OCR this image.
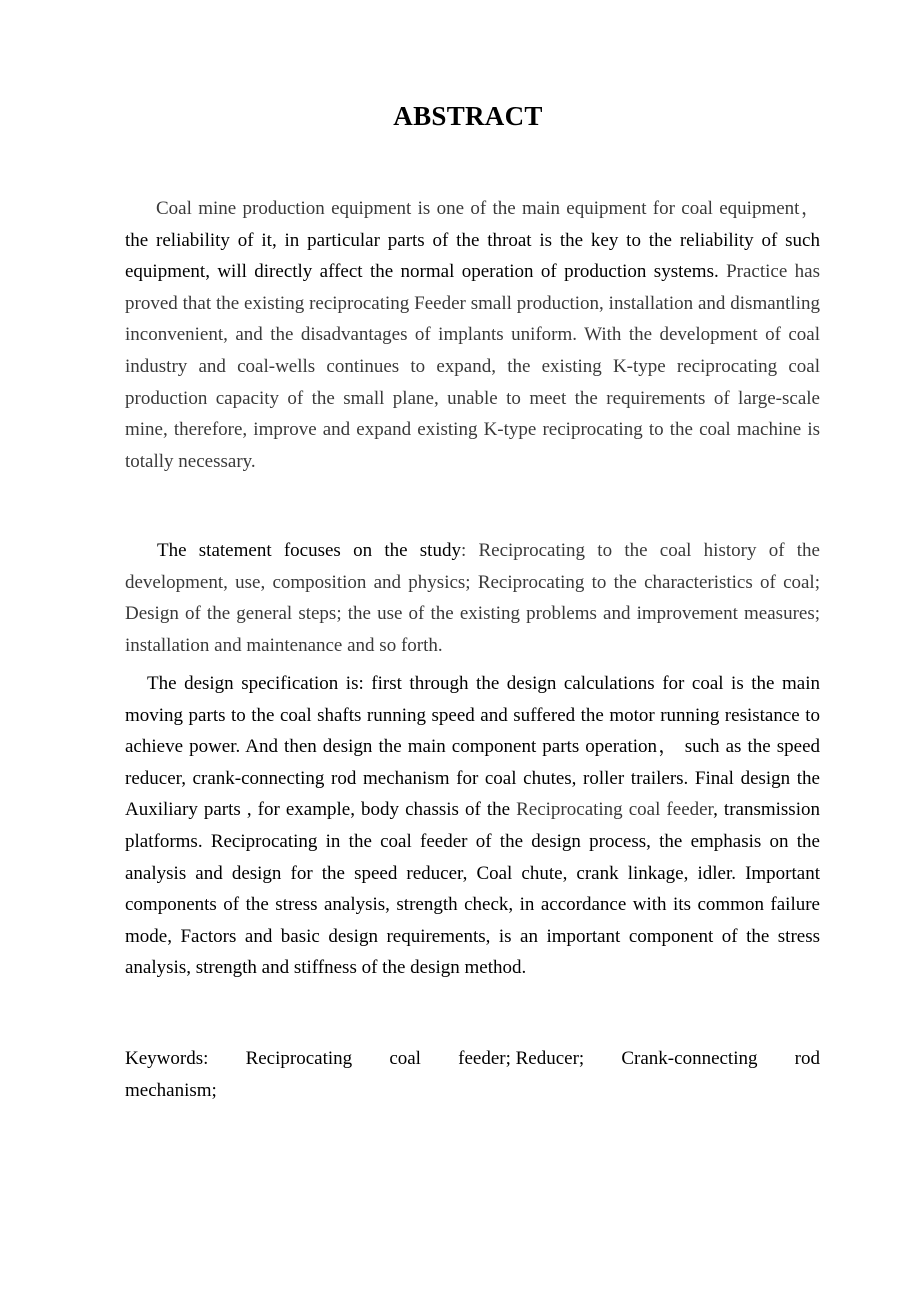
ABSTRACT

Coal mine production equipment is one of the main equipment for coal equipment， the reliability of it, in particular parts of the throat is the key to the reliability of such equipment, will directly affect the normal operation of production systems. Practice has proved that the existing reciprocating Feeder small production, installation and dismantling inconvenient, and the disadvantages of implants uniform. With the development of coal industry and coal-wells continues to expand, the existing K-type reciprocating coal production capacity of the small plane, unable to meet the requirements of large-scale mine, therefore, improve and expand existing K-type reciprocating to the coal machine is totally necessary.

The statement focuses on the study: Reciprocating to the coal history of the development, use, composition and physics; Reciprocating to the characteristics of coal; Design of the general steps; the use of the existing problems and improvement measures; installation and maintenance and so forth.

The design specification is: first through the design calculations for coal is the main moving parts to the coal shafts running speed and suffered the motor running resistance to achieve power. And then design the main component parts operation， such as the speed reducer, crank-connecting rod mechanism for coal chutes, roller trailers. Final design the Auxiliary parts , for example, body chassis of the Reciprocating coal feeder, transmission platforms. Reciprocating in the coal feeder of the design process, the emphasis on the analysis and design for the speed reducer, Coal chute, crank linkage, idler. Important components of the stress analysis, strength check, in accordance with its common failure mode, Factors and basic design requirements, is an important component of the stress analysis, strength and stiffness of the design method.

Keywords: Reciprocating coal feeder; Reducer; Crank-connecting rod
mechanism;
